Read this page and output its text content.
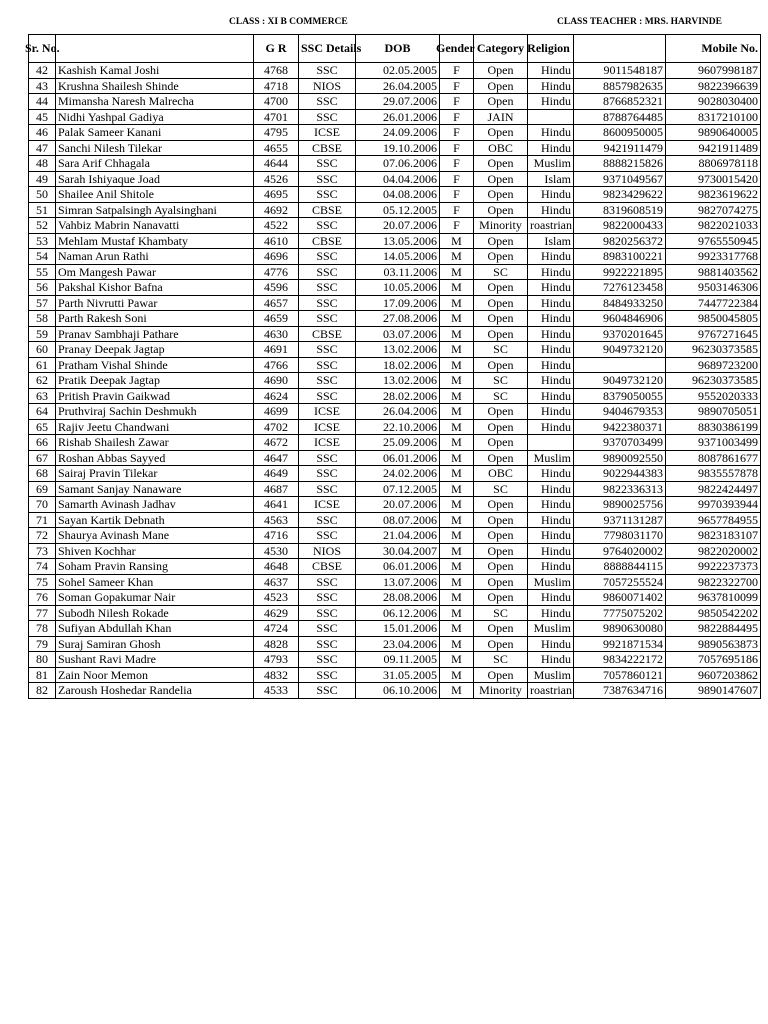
CLASS : XI B COMMERCE	CLASS TEACHER : MRS. HARVINDE
Sr. No.		G R	SSC Details	DOB	Gender	Category	Religion		Mobile No.
42	Kashish Kamal Joshi	4768	SSC	02.05.2005	F	Open	Hindu	9011548187	9607998187
43	Krushna Shailesh Shinde	4718	NIOS	26.04.2005	F	Open	Hindu	8857982635	9822396639
44	Mimansha Naresh Malrecha	4700	SSC	29.07.2006	F	Open	Hindu	8766852321	9028030400
45	Nidhi Yashpal Gadiya	4701	SSC	26.01.2006	F	JAIN		8788764485	8317210100
46	Palak Sameer Kanani	4795	ICSE	24.09.2006	F	Open	Hindu	8600950005	9890640005
47	Sanchi Nilesh Tilekar	4655	CBSE	19.10.2006	F	OBC	Hindu	9421911479	9421911489
48	Sara Arif Chhagala	4644	SSC	07.06.2006	F	Open	Muslim	8888215826	8806978118
49	Sarah Ishiyaque Joad	4526	SSC	04.04.2006	F	Open	Islam	9371049567	9730015420
50	Shailee Anil Shitole	4695	SSC	04.08.2006	F	Open	Hindu	9823429622	9823619622
51	Simran Satpalsingh Ayalsinghani	4692	CBSE	05.12.2005	F	Open	Hindu	8319608519	9827074275
52	Vahbiz Mabrin Nanavatti	4522	SSC	20.07.2006	F	Minority	roastrian	9822000433	9822021033
53	Mehlam Mustaf Khambaty	4610	CBSE	13.05.2006	M	Open	Islam	9820256372	9765550945
54	Naman Arun Rathi	4696	SSC	14.05.2006	M	Open	Hindu	8983100221	9923317768
55	Om Mangesh Pawar	4776	SSC	03.11.2006	M	SC	Hindu	9922221895	9881403562
56	Pakshal Kishor Bafna	4596	SSC	10.05.2006	M	Open	Hindu	7276123458	9503146306
57	Parth Nivrutti Pawar	4657	SSC	17.09.2006	M	Open	Hindu	8484933250	7447722384
58	Parth Rakesh Soni	4659	SSC	27.08.2006	M	Open	Hindu	9604846906	9850045805
59	Pranav Sambhaji Pathare	4630	CBSE	03.07.2006	M	Open	Hindu	9370201645	9767271645
60	Pranay Deepak Jagtap	4691	SSC	13.02.2006	M	SC	Hindu	9049732120	96230373585
61	Pratham Vishal Shinde	4766	SSC	18.02.2006	M	Open	Hindu		9689723200
62	Pratik Deepak Jagtap	4690	SSC	13.02.2006	M	SC	Hindu	9049732120	96230373585
63	Pritish Pravin Gaikwad	4624	SSC	28.02.2006	M	SC	Hindu	8379050055	9552020333
64	Pruthviraj Sachin Deshmukh	4699	ICSE	26.04.2006	M	Open	Hindu	9404679353	9890705051
65	Rajiv Jeetu Chandwani	4702	ICSE	22.10.2006	M	Open	Hindu	9422380371	8830386199
66	Rishab Shailesh Zawar	4672	ICSE	25.09.2006	M	Open		9370703499	9371003499
67	Roshan Abbas Sayyed	4647	SSC	06.01.2006	M	Open	Muslim	9890092550	8087861677
68	Sairaj Pravin Tilekar	4649	SSC	24.02.2006	M	OBC	Hindu	9022944383	9835557878
69	Samant Sanjay Nanaware	4687	SSC	07.12.2005	M	SC	Hindu	9822336313	9822424497
70	Samarth Avinash Jadhav	4641	ICSE	20.07.2006	M	Open	Hindu	9890025756	9970393944
71	Sayan Kartik Debnath	4563	SSC	08.07.2006	M	Open	Hindu	9371131287	9657784955
72	Shaurya Avinash Mane	4716	SSC	21.04.2006	M	Open	Hindu	7798031170	9823183107
73	Shiven Kochhar	4530	NIOS	30.04.2007	M	Open	Hindu	9764020002	9822020002
74	Soham Pravin Ransing	4648	CBSE	06.01.2006	M	Open	Hindu	8888844115	9922237373
75	Sohel Sameer Khan	4637	SSC	13.07.2006	M	Open	Muslim	7057255524	9822322700
76	Soman Gopakumar Nair	4523	SSC	28.08.2006	M	Open	Hindu	9860071402	9637810099
77	Subodh Nilesh Rokade	4629	SSC	06.12.2006	M	SC	Hindu	7775075202	9850542202
78	Sufiyan Abdullah Khan	4724	SSC	15.01.2006	M	Open	Muslim	9890630080	9822884495
79	Suraj Samiran Ghosh	4828	SSC	23.04.2006	M	Open	Hindu	9921871534	9890563873
80	Sushant Ravi Madre	4793	SSC	09.11.2005	M	SC	Hindu	9834222172	7057695186
81	Zain Noor Memon	4832	SSC	31.05.2005	M	Open	Muslim	7057860121	9607203862
82	Zaroush Hoshedar Randelia	4533	SSC	06.10.2006	M	Minority	roastrian	7387634716	9890147607
